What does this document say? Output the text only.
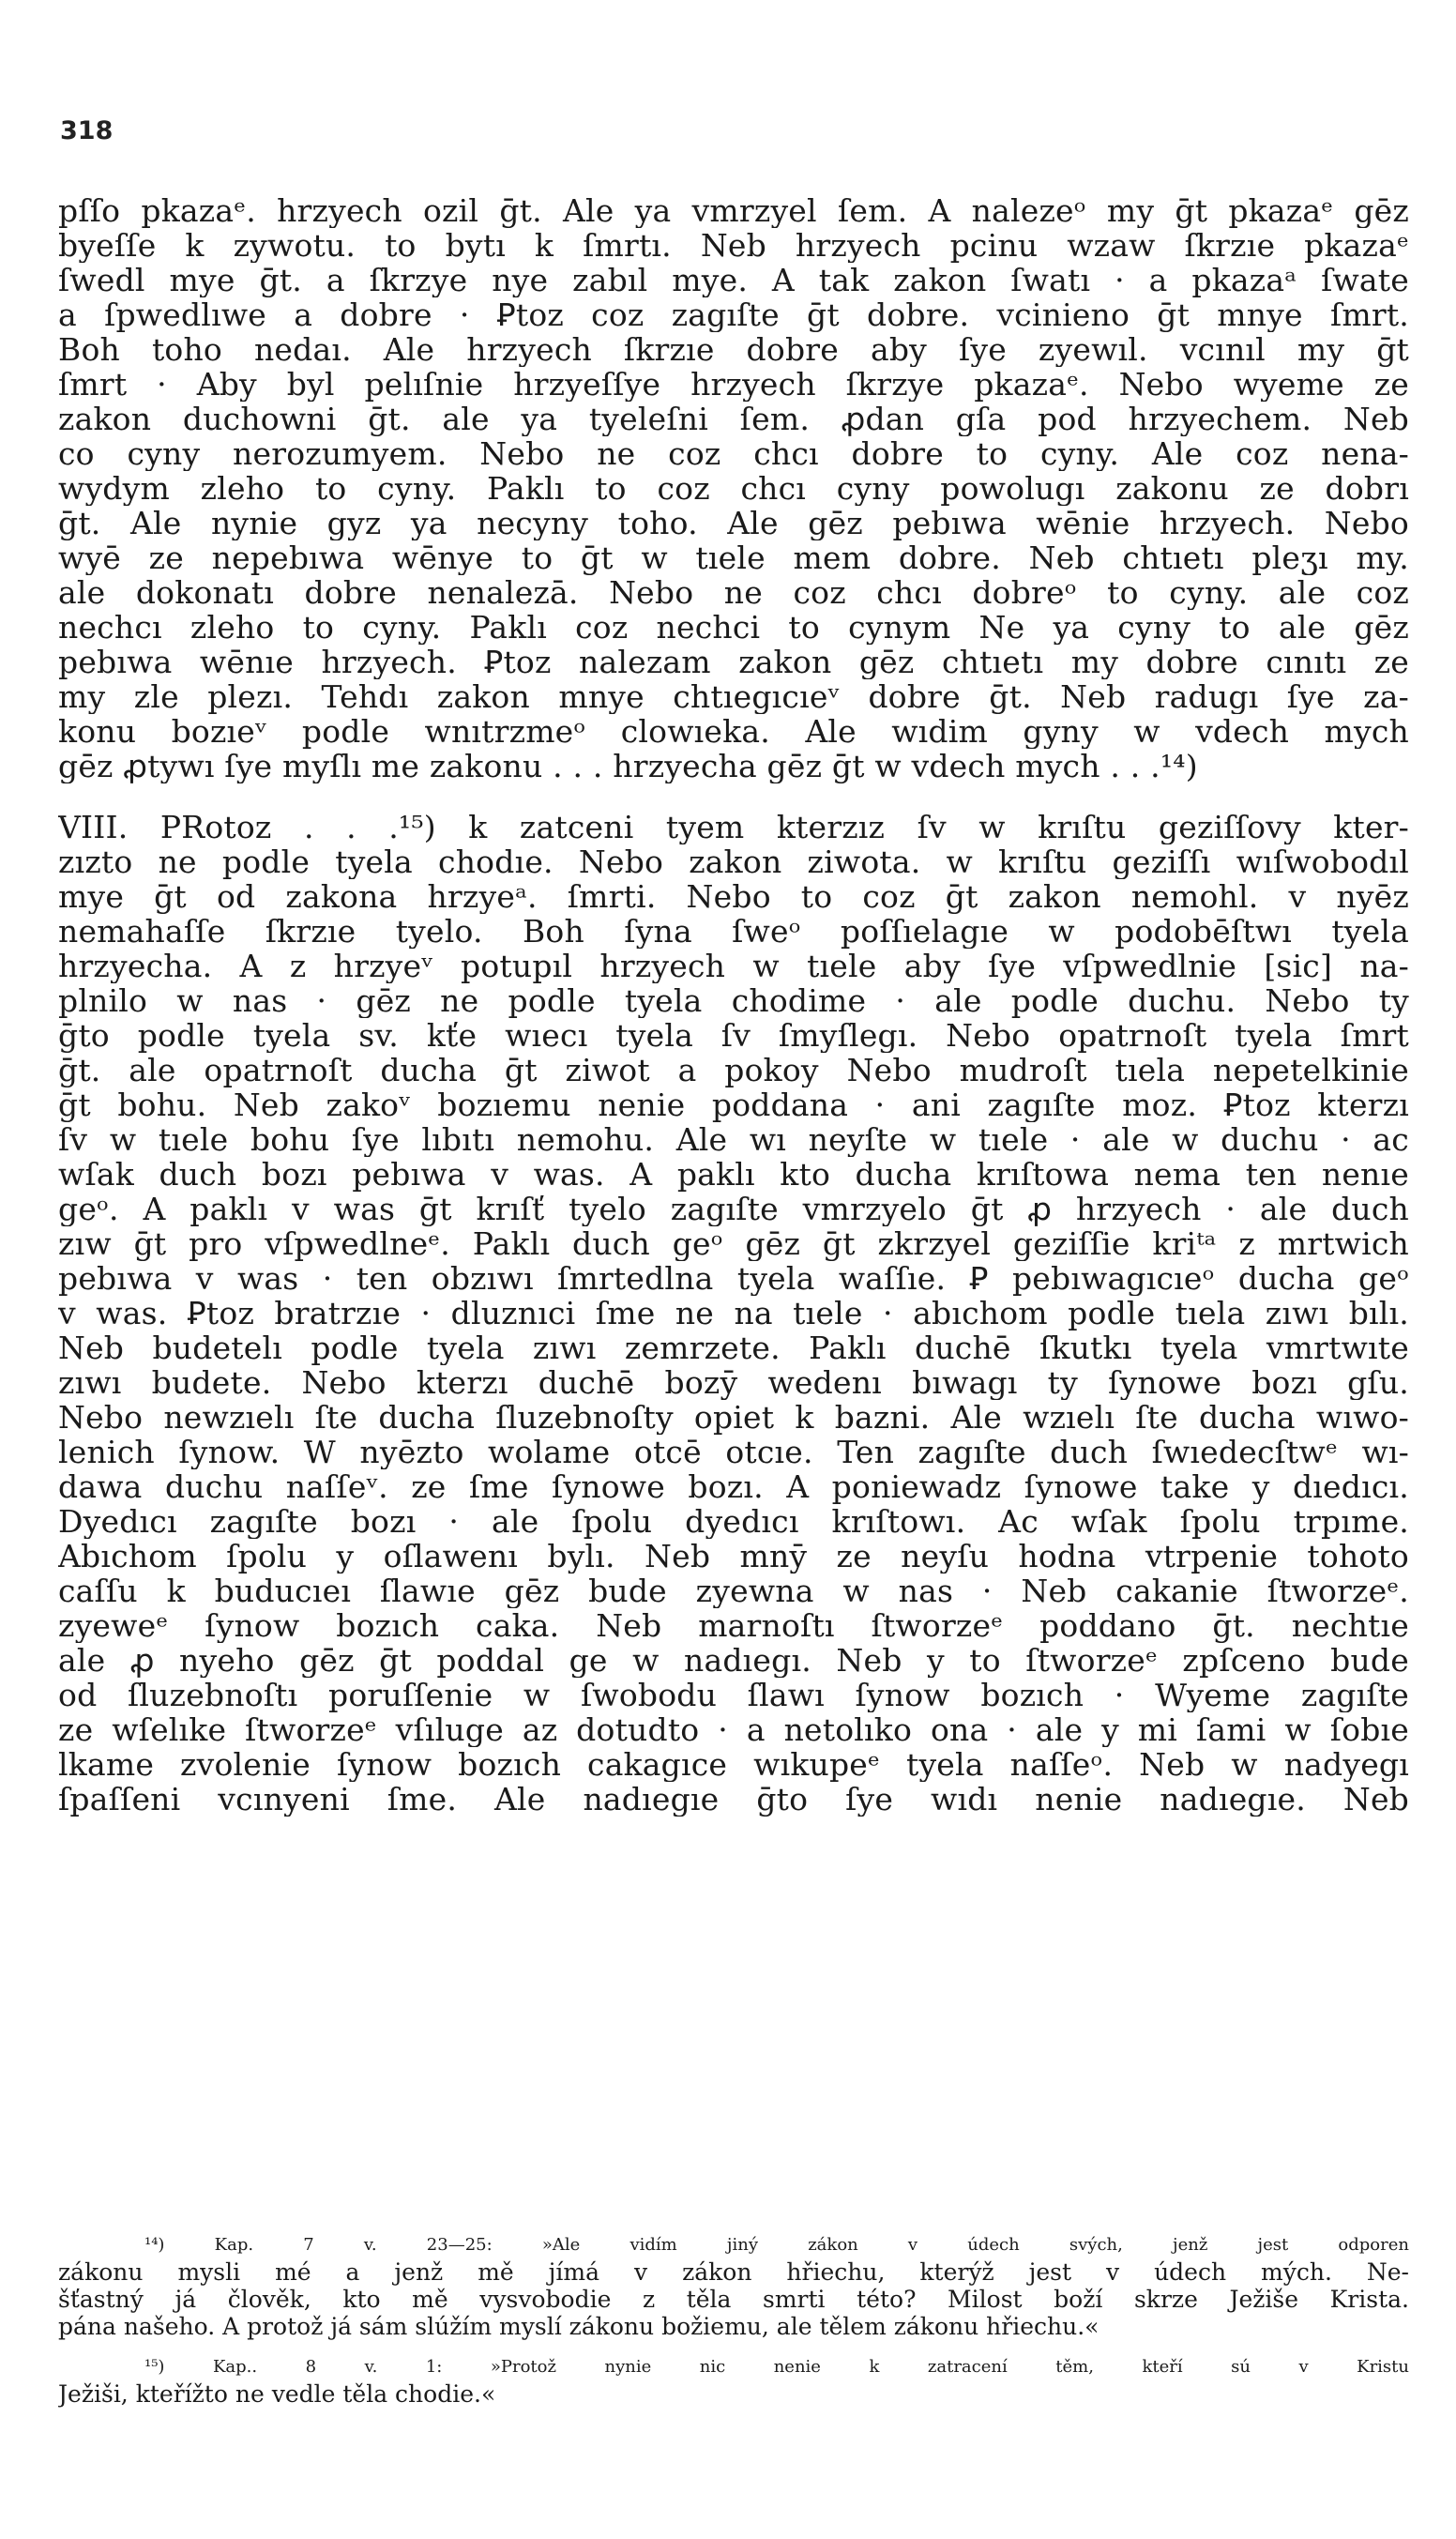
318
pſſo pkazaᵉ. hrzyech ozil ḡt. Ale ya vmrzyel ſem. A nalezeᵒ my ḡt pkazaᵉ gēz
byeſſe k zywotu. to bytı k ſmrtı. Neb hrzyech pcinu wzaw ſkrzıe pkazaᵉ
ſwedl mye ḡt. a ſkrzye nye zabıl mye. A tak zakon ſwatı · a pkazaᵃ ſwate
a ſpwedlıwe a dobre · Ꝑtoz coz zagıſte ḡt dobre. vcinieno ḡt mnye ſmrt.
Boh toho nedaı. Ale hrzyech ſkrzıe dobre aby ſye zyewıl. vcınıl my ḡt
ſmrt · Aby byl pelıſnie hrzyeſſye hrzyech ſkrzye pkazaᵉ. Nebo wyeme ze
zakon duchowni ḡt. ale ya tyeleſni ſem. ꝓdan gſa pod hrzyechem. Neb
co cyny nerozumyem. Nebo ne coz chcı dobre to cyny. Ale coz nena-
wydym zleho to cyny. Paklı to coz chcı cyny powolugı zakonu ze dobrı
ḡt. Ale nynie gyz ya necyny toho. Ale gēz pebıwa wēnie hrzyech. Nebo
wyē ze nepebıwa wēnye to ḡt w tıele mem dobre. Neb chtıetı pleʒı my.
ale dokonatı dobre nenalezā. Nebo ne coz chcı dobreᵒ to cyny. ale coz
nechcı zleho to cyny. Paklı coz nechci to cynym Ne ya cyny to ale gēz
pebıwa wēnıe hrzyech. Ꝑtoz nalezam zakon gēz chtıetı my dobre cınıtı ze
my zle plezı. Tehdı zakon mnye chtıegıcıeᵛ dobre ḡt. Neb radugı ſye za-
konu bozıeᵛ podle wnıtrzmeᵒ clowıeka. Ale wıdim gyny w vdech mych
gēz ꝓtywı ſye myſlı me zakonu . . . hrzyecha gēz ḡt w vdech mych . . .¹⁴)
VIII. PRotoz . . .¹⁵) k zatceni tyem kterzız ſv w krıſtu geziſſovy kter-
zızto ne podle tyela chodıe. Nebo zakon ziwota. w krıſtu geziſſı wıſwobodıl
mye ḡt od zakona hrzyeᵃ. ſmrti. Nebo to coz ḡt zakon nemohl. v nyēz
nemahaſſe ſkrzıe tyelo. Boh ſyna ſweᵒ poſſıelagıe w podobēſtwı tyela
hrzyecha. A z hrzyeᵛ potupıl hrzyech w tıele aby ſye vſpwedlnie [sic] na-
plnilo w nas · gēz ne podle tyela chodime · ale podle duchu. Nebo ty
ḡto podle tyela sv. kťe wıecı tyela ſv ſmyſlegı. Nebo opatrnoſt tyela ſmrt
ḡt. ale opatrnoſt ducha ḡt ziwot a pokoy Nebo mudroſt tıela nepetelkinie
ḡt bohu. Neb zakoᵛ bozıemu nenie poddana · ani zagıſte moz. Ꝑtoz kterzı
ſv w tıele bohu ſye lıbıtı nemohu. Ale wı neyſte w tıele · ale w duchu · ac
wſak duch bozı pebıwa v was. A paklı kto ducha krıſtowa nema ten nenıe
geᵒ. A paklı v was ḡt krıſť tyelo zagıſte vmrzyelo ḡt ꝓ hrzyech · ale duch
zıw ḡt pro vſpwedlneᵉ. Paklı duch geᵒ gēz ḡt zkrzyel geziſſie kriᵗᵃ z mrtwich
pebıwa v was · ten obzıwı ſmrtedlna tyela waſſıe. Ꝑ pebıwagıcıeᵒ ducha geᵒ
v was. Ꝑtoz bratrzıe · dluznıci ſme ne na tıele · abıchom podle tıela zıwı bılı.
Neb budetelı podle tyela zıwı zemrzete. Paklı duchē ſkutkı tyela vmrtwıte
zıwı budete. Nebo kterzı duchē bozȳ wedenı bıwagı ty ſynowe bozı gſu.
Nebo newzıelı ſte ducha ſluzebnoſty opiet k bazni. Ale wzıelı ſte ducha wıwo-
lenich ſynow. W nyēzto wolame otcē otcıe. Ten zagıſte duch ſwıedecſtwᵉ wı-
dawa duchu naſſeᵛ. ze ſme ſynowe bozı. A poniewadz ſynowe take y dıedıcı.
Dyedıcı zagıſte bozı · ale ſpolu dyedıcı krıſtowı. Ac wſak ſpolu trpıme.
Abıchom ſpolu y oſlawenı bylı. Neb mnȳ ze neyſu hodna vtrpenie tohoto
caſſu k buducıeı ſlawıe gēz bude zyewna w nas · Neb cakanie ſtworzeᵉ.
zyeweᵉ ſynow bozıch caka. Neb marnoſtı ſtworzeᵉ poddano ḡt. nechtıe
ale ꝓ nyeho gēz ḡt poddal ge w nadıegı. Neb y to ſtworzeᵉ zpſceno bude
od ſluzebnoſtı poruſſenie w ſwobodu ſlawı ſynow bozıch · Wyeme zagıſte
ze wſelıke ſtworzeᵉ vſıluge az dotudto · a netolıko ona · ale y mi ſami w ſobıe
lkame zvolenie ſynow bozıch cakagıce wıkupeᵉ tyela naſſeᵒ. Neb w nadyegı
ſpaſſeni vcınyeni ſme. Ale nadıegıe ḡto ſye wıdı nenie nadıegıe. Neb
¹⁴) Kap. 7 v. 23—25: »Ale vidím jiný zákon v údech svých, jenž jest odporen
zákonu mysli mé a jenž mě jímá v zákon hřiechu, kterýž jest v údech mých. Ne-
šťastný já člověk, kto mě vysvobodie z těla smrti této? Milost boží skrze Ježiše Krista.
pána našeho. A protož já sám slúžím myslí zákonu božiemu, ale tělem zákonu hřiechu.«
¹⁵) Kap.. 8 v. 1: »Protož nynie nic nenie k zatracení těm, kteří sú v Kristu
Ježiši, kteřížto ne vedle těla chodie.«
